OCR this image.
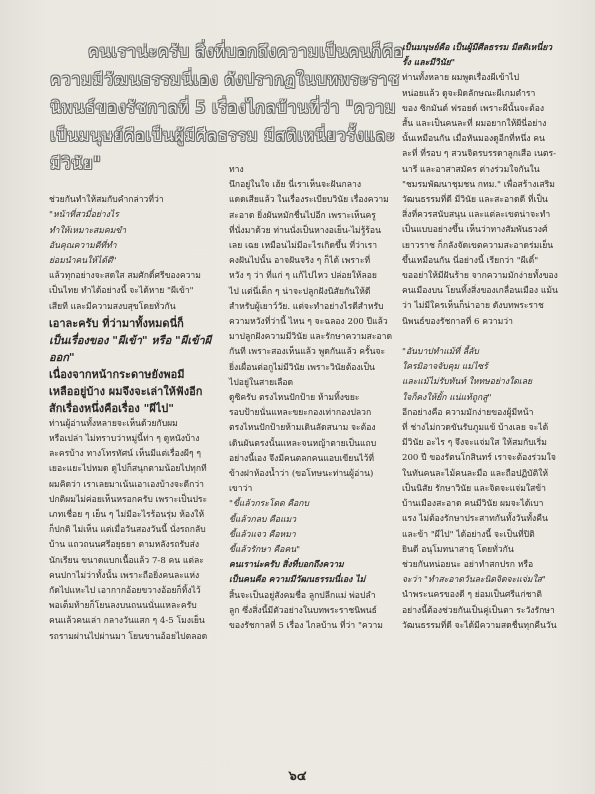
คนเราน่ะครับ สิ่งที่บอกถึงความเป็นคนก็คือ
ความมีวัฒนธรรมนี่เอง ดังปรากฏในบทพระราช
นิพนธ์ของรัชกาลที่ 5 เรื่องไกลบ้านที่ว่า "ความ
เป็นมนุษย์คือเป็นผู้มีศีลธรรม มีสติเหนี่ยวรั้งและ
มีวินัย"

ช่วยกันทำให้สมกับคำกล่าวที่ว่า

"หน้าที่สวมี่อย่างไร

ทำให้เหมาะสมคมขำ

อันคุณความดีที่ทำ

ย่อมนำคนให้ได้ดี"

แล้วทุกอย่างจะสดใส สมศักดิ์ศรีของความ

เป็นไทย ทำได้อย่างนี้ จะได้หาย "ผีเข้า"

เสียที และมีความสงบสุขโดยทั่วกัน

เอาละครับ ที่ว่ามาทั้งหมดนี่ก็

เป็นเรื่องของ "ผีเข้า" หรือ "ผีเข้าผี

ออก"

เนื่องจากหน้ากระดาษยังพอมี

เหลืออยู่บ้าง ผมจึงจะเล่าให้ฟังอีก

สักเรื่องหนึ่งคือเรื่อง "ผีไป"

ท่านผู้อ่านทั้งหลายจะเห็นด้วยกับผม

หรือเปล่า ไม่ทราบว่าหมู่นี้ท่า ๆ ดูหนังบ้าง

ละครบ้าง ทางโทรทัศน์ เห็นมีแต่เรื่องผีๆ ๆ

เยอะแยะไปหมด ดูไปก็สนุกตามน้อยไปทุกที

ผมคิดว่า เราเลยมาเน้นเอาเองบ้างจะดีกว่า

ปกติผมไม่ค่อยเห็นหรอกครับ เพราะเป็นประ

เภทเชื่อย ๆ เย็น ๆ ไม่มีอะไรร้อนรุ่ม ห้องให้

ก็ปกติ ไม่เห็น แต่เมื่อวันสองวันนี้ นั่งรถกลับ

บ้าน แถวถนนศรีอยุธยา ตามหลังรถรับส่ง

นักเรียน ขนาดแบกเนื้อแล้ว 7-8 คน แต่ละ

คนปกาไม่ว่าทั้งนั้น เพราะถือยิ่งคนละแห่ง

กัดไปแหะไป เอากากอ้อยขวางอ้อยก็ทิ้งไว้

พอเต็มท้ายก็โยนลงบนถนนนั่นแหละครับ

คนแล้วคนเล่า กลางวันแสก ๆ 4-5 โมงเย็น

รถรามผ่านไปผ่านมา โยนขานอ้อยไปตลอด

ทาง

นึกอยู่ในใจ เฮ้ย นี่เราเห็นจะฝันกลาง

แดดเสียแล้ว ในเรื่องระเบียบวินัย เรื่องความ

สะอาด ยิ่งผันหมักชื่นไปอีก เพราะเห็นครู

ที่นั่งมาด้วย ท่านนั่งเป็นหางอเย็น-ไม่รู้ร้อน

เลย เฉย เหมือนไม่มีอะไรเกิดขึ้น ที่ว่าเรา

คงฝันไปนั้น อาจฝันจริง ๆ ก็ได้ เพราะที่

หวัง ๆ ว่า ที่แก่ ๆ แก้ไปไหว ปล่อยให้ลอย

ไป แต่นี่เด็ก ๆ น่าจะปลูกฝังนิสัยกันให้ดี

สำหรับผู้เยาว์วัย. แต่จะทำอย่างไรดีสำหรับ

ความหวังที่ว่านี้ ไหน ๆ จะฉลอง 200 ปีแล้ว

มาปลูกฝังความมีวินัย และรักษาความสะอาด

กันที เพราะสองเห็นแล้ว พูดกันแล้ว ครั้นจะ

ยิ่งเผื่อนต่อกูไม่มีวินัย เพราะวินัยต้องเป็น

ไปอยู่ในสายเลือด

ดูซิครับ ตรงไหนปักป้าย ห้ามทิ้งขยะ

รอบป้ายนั่นแหละขยะกองเท่ากองปลวก

ตรงไหนปักป้ายห้ามเดินลัดสนาม จะต้อง

เดินผันตรงนั้นแหละจนหญ้าตายเป็นแถบ

อย่างนี้เอง จึงมีคนตลกคนแอบเขียนไว้ที่

ข้างฝาห้องน้ำว่า (ขอโทษนะท่านผู้อ่าน)

เขาว่า

"ขี้แล้วกระโดด คือกบ

ขี้แล้วกลบ คือแมว

ขี้แล้วแจว คือหมา

ขี้แล้วรักษา คือคน"

คนเราน่ะครับ สิ่งที่บอกถึงความ

เป็นคนคือ ความมีวัฒนธรรมนี่เอง ไม่

สิ้นจะเป็นอยู่สังคมชื่อ ลูกปลีกแม่ พ่อปลำ

ลูก ซึ่งสิ่งนี้มีตัวอย่างในบทพระราชนิพนธ์

ของรัชกาลที่ 5 เรื่อง ไกลบ้าน ที่ว่า "ความ

เป็นมนุษย์คือ เป็นผู้มีศีลธรรม มีสติเหนี่ยว

รั้ง และมีวินัย"

ท่านทั้งหลาย ผมพูดเรื่องผีเข้าไป

หน่อยแล้ว ดูจะผิดลักษณะผีเกมตำรา

ของ ซิกมันด์ ฟรอยด์ เพราะผีนั้นจะต้อง

สั้น และเป็นคนละที่ ผมอยากให้ผีนี่อย่าง

นั้นเหมือนกัน เมื่อหันมองดูอีกที่หนึ่ง คน

ละที่ ที่รอบ ๆ สวนจิตรบรรดาลูกเสือ เนตร-

นารี และอาสาสมัคร ต่างร่วมใจกันใน

"ชมรมพัฒนาชุมชน กทม." เพื่อสร้างเสริม

วัฒนธรรมที่ดี มีวินัย และสะอาดดี ที่เป็น

สิ่งที่ควรสนับสนุน และแต่ละเขตน่าจะทำ

เป็นแบบอย่างขึ้น เห็นว่าทางสัมพันธวงศ์

เยาวราช ก็กลังจัดเขตความสะอาดร่มเย็น

ขึ้นเหมือนกัน นี่อย่างนี้ เรียกว่า "ผีเดิ์"

ขออย่าให้มีฝันร้าย จากความมักง่ายทั้งของ

คนเมืองบน โยนทิ้งสิ่งของเกลื่อนเมือง แม้น

ว่า ไม่มีใครเห็นก็น่าอาย ดังบทพระราช

นิพนธ์ของรัชกาลที่ 6 ความว่า

"อันบาปทำแม้ที่ ลี้ลับ

ใครมิอาจจับคุม แม่ไซร้

และแม้ไม่รับทันท์ ใหทษอย่างใดเลย

ใจก็คงให้ยั้ก แน่แท้ถูกสู"

อีกอย่างคือ ความมักง่ายของผู้มีหน้า

ที่ ช่างไม่กวดขันรับภูมแข้ บ้างเลย จะได้

มีวินัย อะไร ๆ จึงจะแจ่มใส ให้สมกับเริ่ม

200 ปี ของรัตนโกสินทร์ เราจะต้องร่วมใจ

ในทันคนละไม้คนละมือ และถือปฏิบัติให้

เป็นนิสัย รักษาวินัย และจิตจะแจ่มใสข้า

บ้านเมืองสะอาด คนมีวินัย ผมจะได้เบา

แรง ไม่ต้องรักษาประสาทกันทั้งวันทั้งคืน

และข้า "ผีไป" ได้อย่างนี้ จะเป็นที่ปิติ

ยินดี อนุโมทนาสาธุ โดยทั่วกัน

ช่วยกันหน่อยนะ อย่าทำสกปรก หรือ

จะว่า "ทำสะอาดวันละนิดจิตจะแจ่มใส"

นำพระนครของดี ๆ ย่อมเป็นศรีแก่ชาติ

อย่างนี้ต้องช่วยกันเป็นคู่เป็นตา ระวังรักษา

วัฒนธรรมที่ดี จะได้มีความสดชื่นทุกคืนวัน

๖๔
